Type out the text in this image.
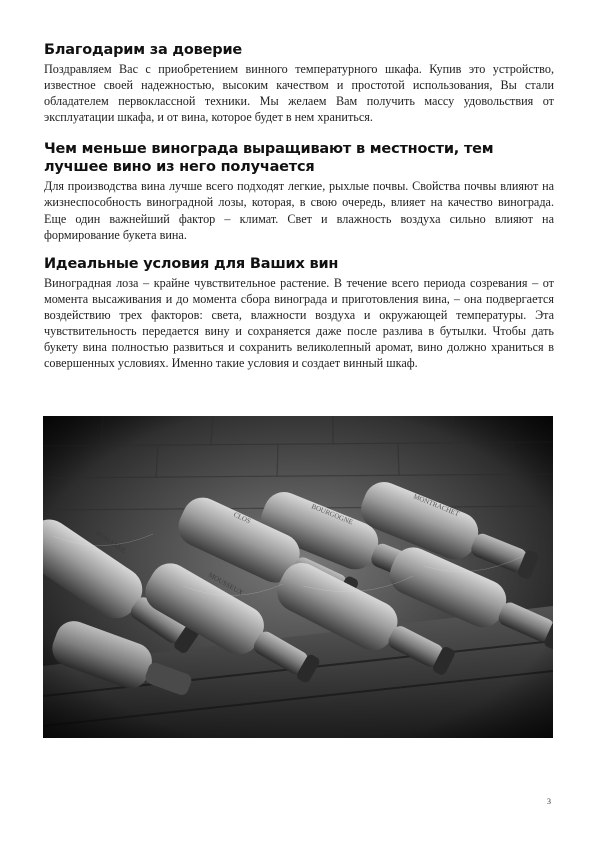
Благодарим за доверие

Поздравляем Вас с приобретением винного температурного шкафа. Купив это устройство, известное своей надежностью, высоким качеством и простотой использования, Вы стали обладателем первоклассной техники. Мы желаем Вам получить массу удовольствия от эксплуатации шкафа, и от вина, которое будет в нем храниться.

Чем меньше винограда выращивают в местности, тем лучшее вино из него получается

Для производства вина лучше всего подходят легкие, рыхлые почвы. Свойства почвы влияют на жизнеспособность виноградной лозы, которая, в свою очередь, влияет на качество винограда. Еще один важнейший фактор – климат. Свет и влажность воздуха сильно влияют на формирование букета вина.

Идеальные условия для Ваших вин

Виноградная лоза – крайне чувствительное растение. В течение всего периода созревания – от момента высаживания и до момента сбора винограда и приготовления вина, – она подвергается воздействию трех факторов: света, влажности воздуха и окружающей температуры. Эта чувствительность передается вину и сохраняется даже после разлива в бутылки. Чтобы дать букету вина полностью развиться и сохранить великолепный аромат, вино должно храниться в совершенных условиях. Именно такие условия и создает винный шкаф.

3
